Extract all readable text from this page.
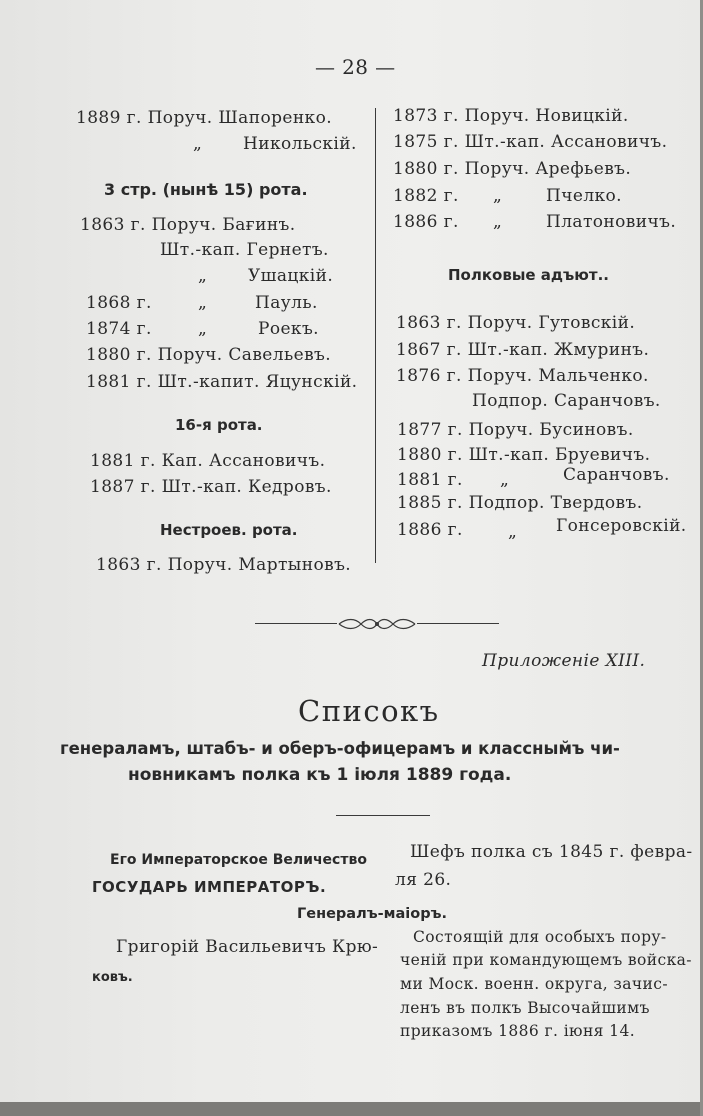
— 28 —
1889 г. Поруч. Шапоренко.
„ Никольскій.
3 стр. (нынѣ 15) рота.
1863 г. Поруч. Бағинъ.
Шт.-кап. Гернетъ.
„ Ушацкій.
1868 г.	„	Пауль.
1874 г.	„	Роекъ.
1880 г. Поруч. Савельевъ.
1881 г. Шт.-капит. Яцунскій.
16-я рота.
1881 г. Кап. Ассановичъ.
1887 г. Шт.-кап. Кедровъ.
Нестроев. рота.
1863 г. Поруч. Мартыновъ.
1873 г. Поруч. Новицкій.
1875 г. Шт.-кап. Ассановичъ.
1880 г. Поруч. Арефьевъ.
1882 г. „	Пчелко.
1886 г. „	Платоновичъ.
Полковые адъют..
1863 г. Поруч. Гутовскій.
1867 г. Шт.-кап. Жмуринъ.
1876 г. Поруч. Мальченко.
Подпор. Саранчовъ.
1877 г. Поруч. Бусиновъ.
1880 г. Шт.-кап. Бруевичъ.
1881 г. „	Саранчовъ.
1885 г. Подпор. Твердовъ.
1886 г.	„ Гонсеровскій.
Приложеніе XIII.
Списокъ
генераламъ, штабъ- и оберъ-офицерамъ и классным̆ъ чи-
новникамъ полка къ 1 іюля 1889 года.
Его Императорское Величество
ГОСУДАРЬ ИМПЕРАТОРЪ.
Шефъ полка съ 1845 г. февра-
ля 26.
Генералъ-маіоръ.
Григорій Васильевичъ Крю-
ковъ.
Состоящій для особыхъ пору-
ченій при командующемъ войска-
ми Моск. военн. округа, зачис-
ленъ въ полкъ Высочайшимъ
приказомъ 1886 г. іюня 14.
